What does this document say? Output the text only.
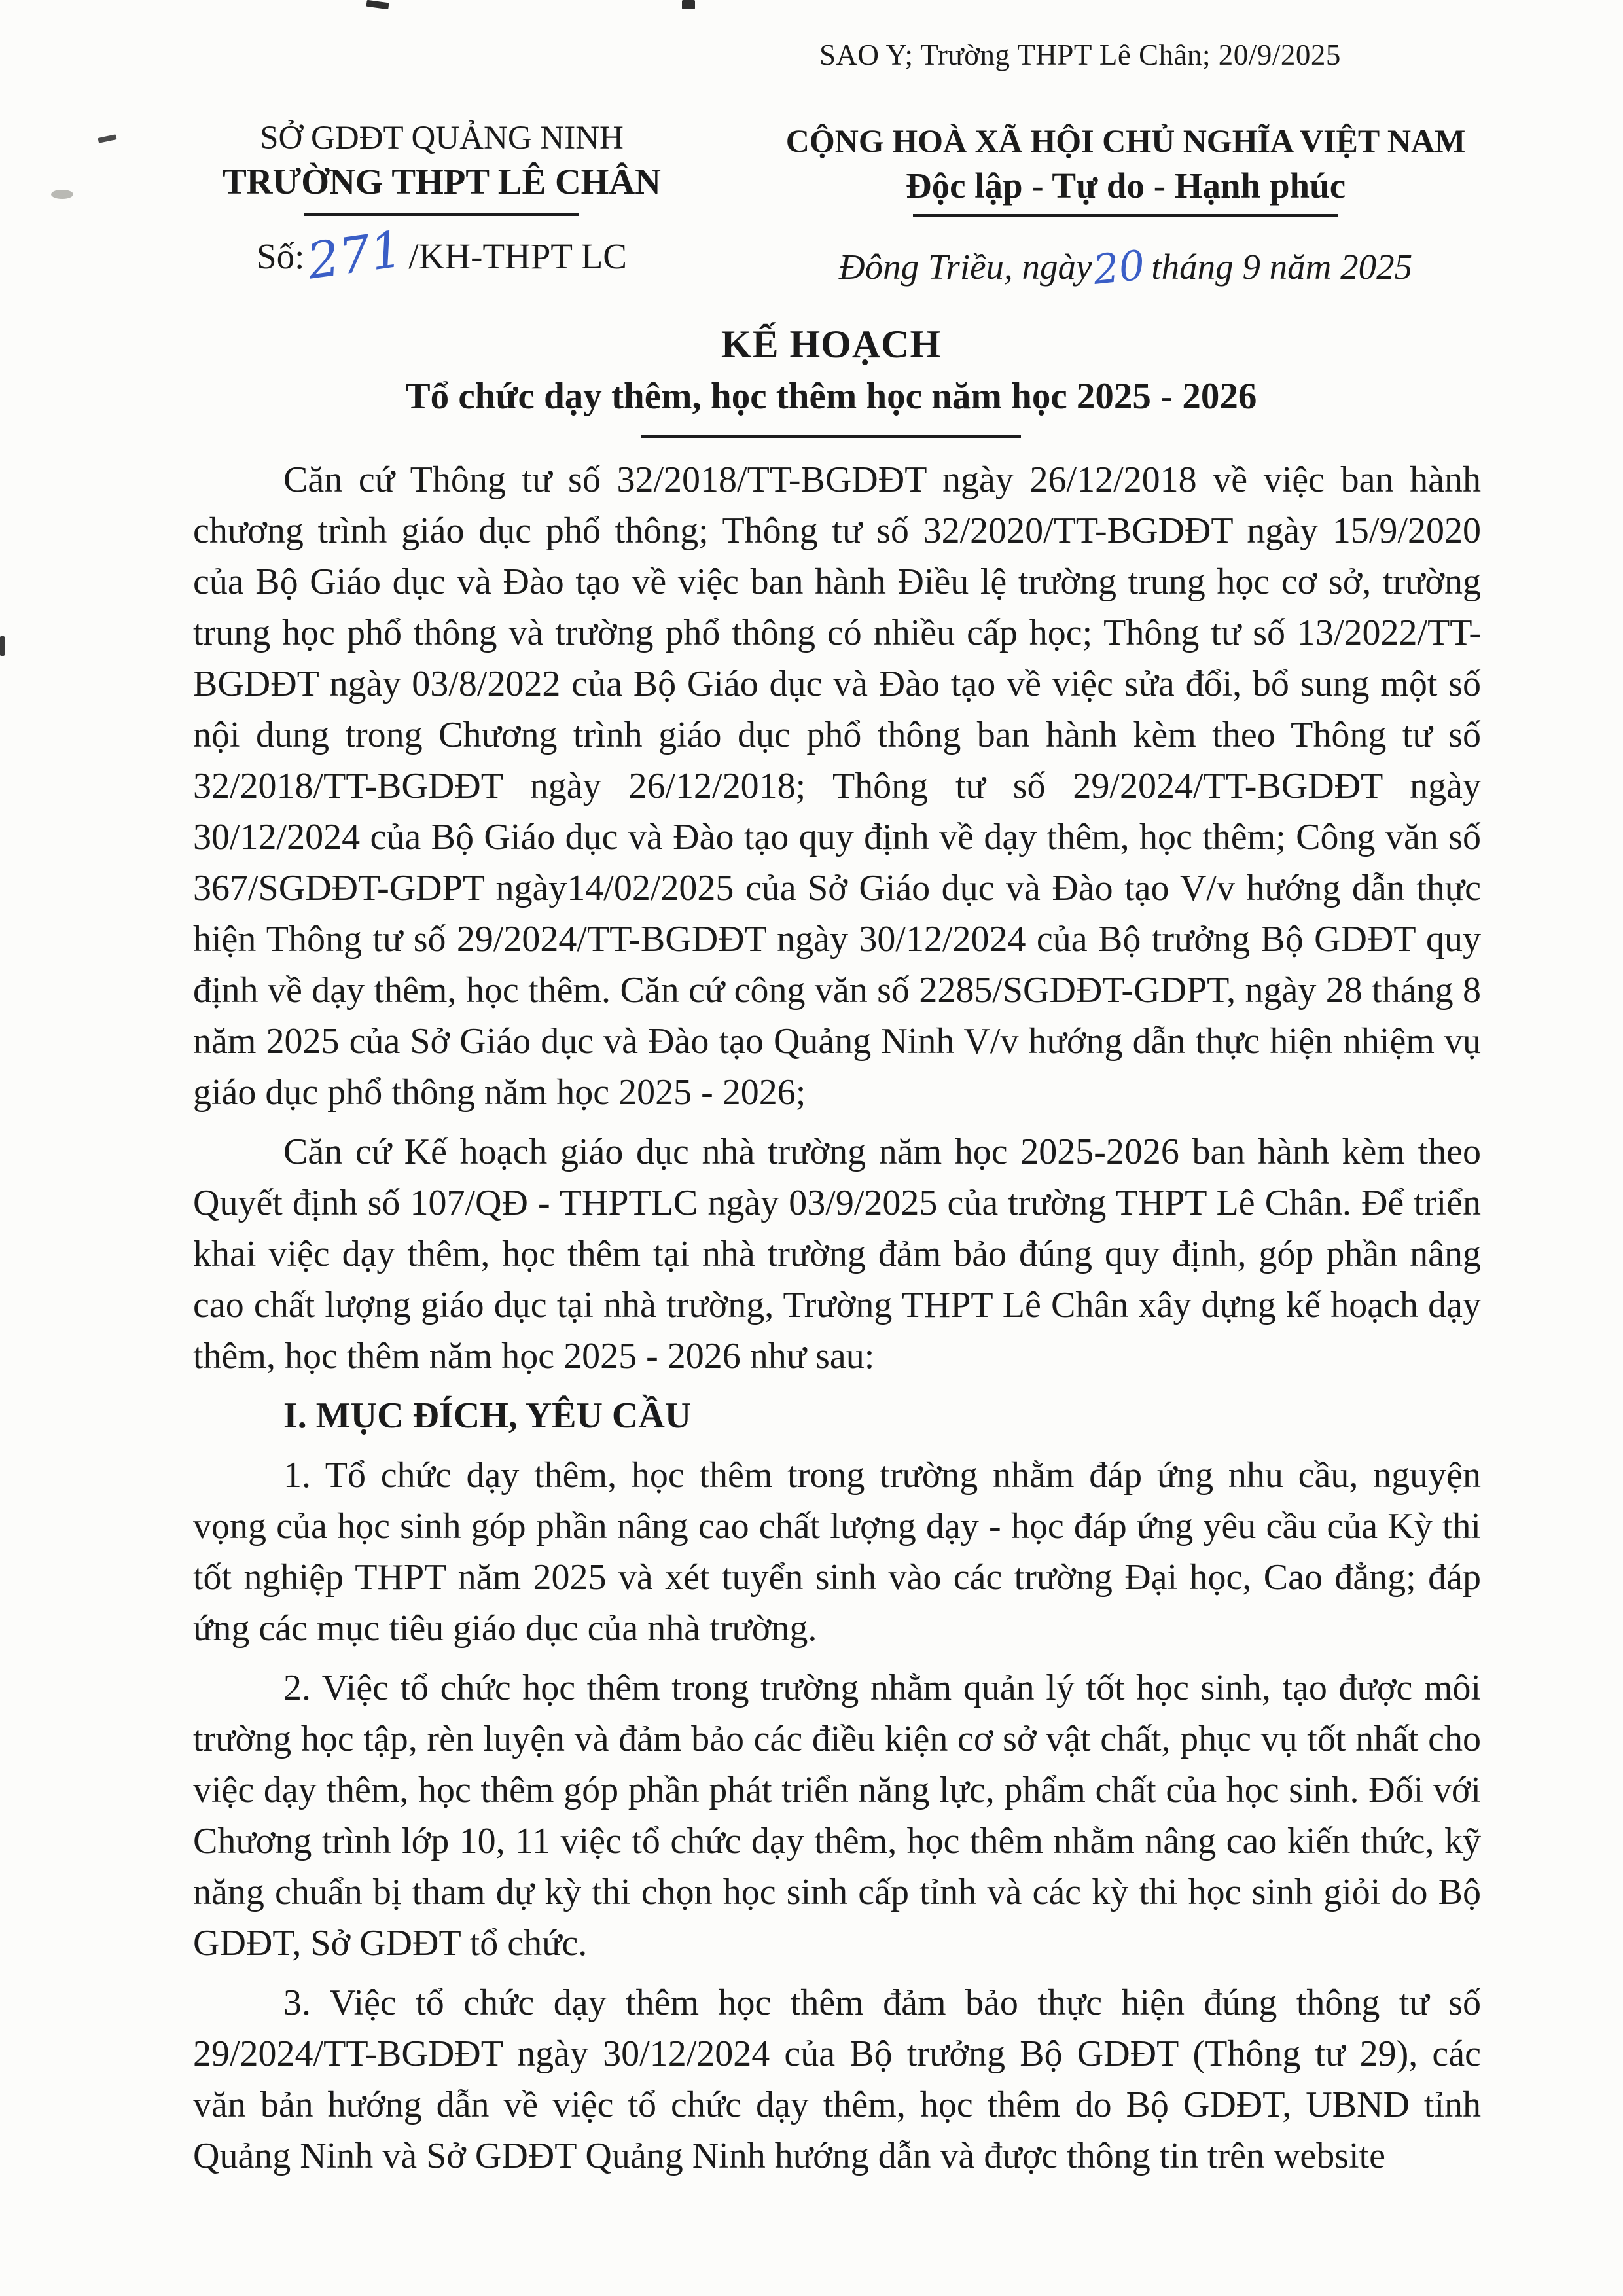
SAO Y; Trường THPT Lê Chân; 20/9/2025
SỞ GDĐT QUẢNG NINH
TRƯỜNG THPT LÊ CHÂN
Số:271/KH-THPT LC
CỘNG HOÀ XÃ HỘI CHỦ NGHĨA VIỆT NAM
Độc lập - Tự do - Hạnh phúc
Đông Triều, ngày20 tháng 9 năm 2025
KẾ HOẠCH
Tổ chức dạy thêm, học thêm học năm học 2025 - 2026

Căn cứ Thông tư số 32/2018/TT-BGDĐT ngày 26/12/2018 về việc ban hành chương trình giáo dục phổ thông; Thông tư số 32/2020/TT-BGDĐT ngày 15/9/2020 của Bộ Giáo dục và Đào tạo về việc ban hành Điều lệ trường trung học cơ sở, trường trung học phổ thông và trường phổ thông có nhiều cấp học; Thông tư số 13/2022/TT-BGDĐT ngày 03/8/2022 của Bộ Giáo dục và Đào tạo về việc sửa đổi, bổ sung một số nội dung trong Chương trình giáo dục phổ thông ban hành kèm theo Thông tư số 32/2018/TT-BGDĐT ngày 26/12/2018; Thông tư số 29/2024/TT-BGDĐT ngày 30/12/2024 của Bộ Giáo dục và Đào tạo quy định về dạy thêm, học thêm; Công văn số 367/SGDĐT-GDPT ngày14/02/2025 của Sở Giáo dục và Đào tạo V/v hướng dẫn thực hiện Thông tư số 29/2024/TT-BGDĐT ngày 30/12/2024 của Bộ trưởng Bộ GDĐT quy định về dạy thêm, học thêm. Căn cứ công văn số 2285/SGDĐT-GDPT, ngày 28 tháng 8 năm 2025 của Sở Giáo dục và Đào tạo Quảng Ninh V/v hướng dẫn thực hiện nhiệm vụ giáo dục phổ thông năm học 2025 - 2026;

Căn cứ Kế hoạch giáo dục nhà trường năm học 2025-2026 ban hành kèm theo Quyết định số 107/QĐ - THPTLC ngày 03/9/2025 của trường THPT Lê Chân. Để triển khai việc dạy thêm, học thêm tại nhà trường đảm bảo đúng quy định, góp phần nâng cao chất lượng giáo dục tại nhà trường, Trường THPT Lê Chân xây dựng kế hoạch dạy thêm, học thêm năm học 2025 - 2026 như sau:

I. MỤC ĐÍCH, YÊU CẦU

1. Tổ chức dạy thêm, học thêm trong trường nhằm đáp ứng nhu cầu, nguyện vọng của học sinh góp phần nâng cao chất lượng dạy - học đáp ứng yêu cầu của Kỳ thi tốt nghiệp THPT năm 2025 và xét tuyển sinh vào các trường Đại học, Cao đẳng; đáp ứng các mục tiêu giáo dục của nhà trường.

2. Việc tổ chức học thêm trong trường nhằm quản lý tốt học sinh, tạo được môi trường học tập, rèn luyện và đảm bảo các điều kiện cơ sở vật chất, phục vụ tốt nhất cho việc dạy thêm, học thêm góp phần phát triển năng lực, phẩm chất của học sinh. Đối với Chương trình lớp 10, 11 việc tổ chức dạy thêm, học thêm nhằm nâng cao kiến thức, kỹ năng chuẩn bị tham dự kỳ thi chọn học sinh cấp tỉnh và các kỳ thi học sinh giỏi do Bộ GDĐT, Sở GDĐT tổ chức.

3. Việc tổ chức dạy thêm học thêm đảm bảo thực hiện đúng thông tư số 29/2024/TT-BGDĐT ngày 30/12/2024 của Bộ trưởng Bộ GDĐT (Thông tư 29), các văn bản hướng dẫn về việc tổ chức dạy thêm, học thêm do Bộ GDĐT, UBND tỉnh Quảng Ninh và Sở GDĐT Quảng Ninh hướng dẫn và được thông tin trên website
